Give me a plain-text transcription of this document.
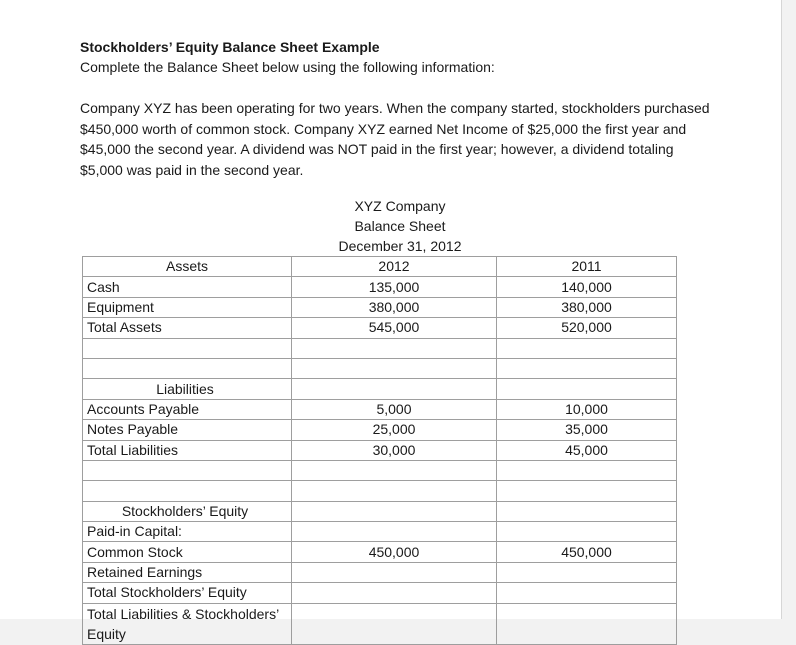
Stockholders’ Equity Balance Sheet Example
Complete the Balance Sheet below using the following information:
Company XYZ has been operating for two years. When the company started, stockholders purchased $450,000 worth of common stock. Company XYZ earned Net Income of $25,000 the first year and $45,000 the second year. A dividend was NOT paid in the first year; however, a dividend totaling $5,000 was paid in the second year.
XYZ Company
Balance Sheet
December 31, 2012
Assets	2012	2011
Cash	135,000	140,000
Equipment	380,000	380,000
Total Assets	545,000	520,000

Liabilities		
Accounts Payable	5,000	10,000
Notes Payable	25,000	35,000
Total Liabilities	30,000	45,000

Stockholders’ Equity		
Paid-in Capital:		
Common Stock	450,000	450,000
Retained Earnings		
Total Stockholders’ Equity		
Total Liabilities & Stockholders’ Equity		
